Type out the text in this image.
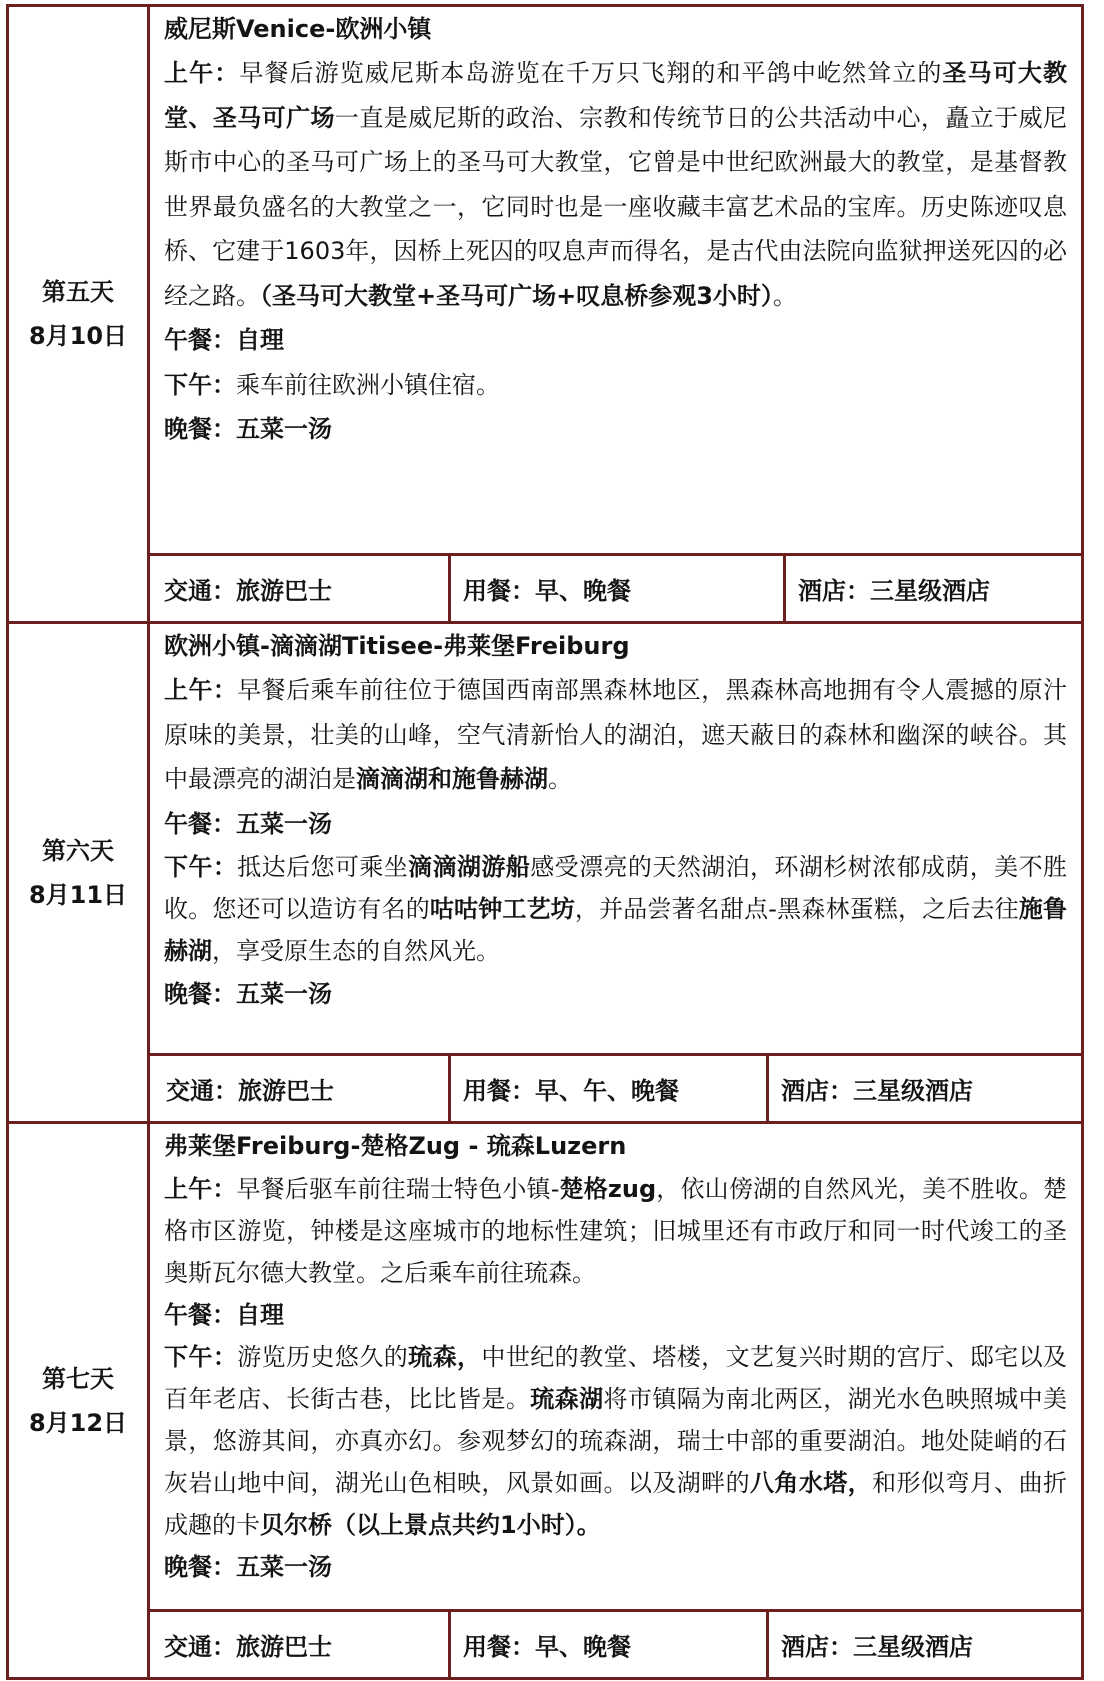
第五天
8月10日
威尼斯Venice-欧洲小镇
上午：早餐后游览威尼斯本岛游览在千万只飞翔的和平鸽中屹然耸立的圣马可大教堂、圣马可广场一直是威尼斯的政治、宗教和传统节日的公共活动中心，矗立于威尼斯市中心的圣马可广场上的圣马可大教堂，它曾是中世纪欧洲最大的教堂，是基督教世界最负盛名的大教堂之一，它同时也是一座收藏丰富艺术品的宝库。历史陈迹叹息桥、它建于1603年，因桥上死囚的叹息声而得名，是古代由法院向监狱押送死囚的必经之路。（圣马可大教堂+圣马可广场+叹息桥参观3小时）。
午餐：自理
下午：乘车前往欧洲小镇住宿。
晚餐：五菜一汤
交通： 旅游巴士	用餐： 早、晚餐	酒店： 三星级酒店
第六天
8月11日
欧洲小镇-滴滴湖Titisee-弗莱堡Freiburg
上午：早餐后乘车前往位于德国西南部黑森林地区，黑森林高地拥有令人震撼的原汁原味的美景，壮美的山峰，空气清新怡人的湖泊，遮天蔽日的森林和幽深的峡谷。其中最漂亮的湖泊是滴滴湖和施鲁赫湖。
午餐：五菜一汤
下午：抵达后您可乘坐滴滴湖游船感受漂亮的天然湖泊，环湖杉树浓郁成荫，美不胜收。您还可以造访有名的咕咕钟工艺坊，并品尝著名甜点-黑森林蛋糕，之后去往施鲁赫湖，享受原生态的自然风光。
晚餐：五菜一汤
交通： 旅游巴士	用餐： 早、午、晚餐	酒店： 三星级酒店
第七天
8月12日
弗莱堡Freiburg-楚格Zug - 琉森Luzern
上午：早餐后驱车前往瑞士特色小镇-楚格zug，依山傍湖的自然风光，美不胜收。楚格市区游览，钟楼是这座城市的地标性建筑；旧城里还有市政厅和同一时代竣工的圣奥斯瓦尔德大教堂。之后乘车前往琉森。
午餐：自理
下午：游览历史悠久的琉森，中世纪的教堂、塔楼，文艺复兴时期的宫厅、邸宅以及百年老店、长街古巷，比比皆是。琉森湖将市镇隔为南北两区，湖光水色映照城中美景，悠游其间，亦真亦幻。参观梦幻的琉森湖，瑞士中部的重要湖泊。地处陡峭的石灰岩山地中间，湖光山色相映，风景如画。以及湖畔的八角水塔，和形似弯月、曲折成趣的卡贝尔桥（以上景点共约1小时）。
晚餐：五菜一汤
交通： 旅游巴士	用餐： 早、晚餐	酒店： 三星级酒店
